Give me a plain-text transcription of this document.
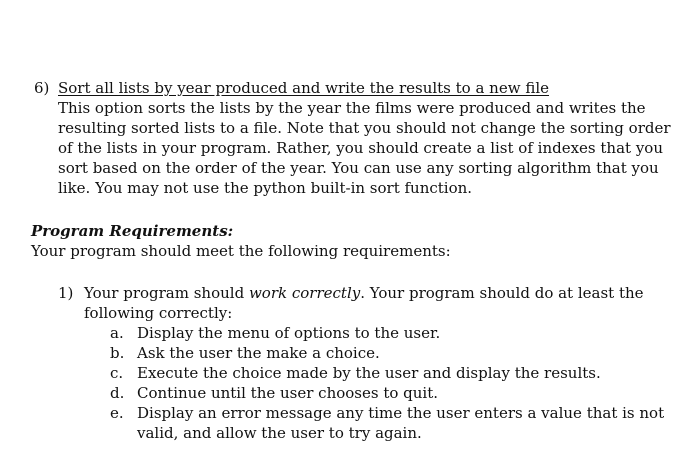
6) Sort all lists by year produced and write the results to a new file
This option sorts the lists by the year the films were produced and writes the
resulting sorted lists to a file. Note that you should not change the sorting order
of the lists in your program. Rather, you should create a list of indexes that you
sort based on the order of the year. You can use any sorting algorithm that you
like. You may not use the python built-in sort function.
Program Requirements:
Your program should meet the following requirements:
1) Your program should work correctly. Your program should do at least the
following correctly:
a. Display the menu of options to the user.
b. Ask the user the make a choice.
c. Execute the choice made by the user and display the results.
d. Continue until the user chooses to quit.
e. Display an error message any time the user enters a value that is not
valid, and allow the user to try again.
